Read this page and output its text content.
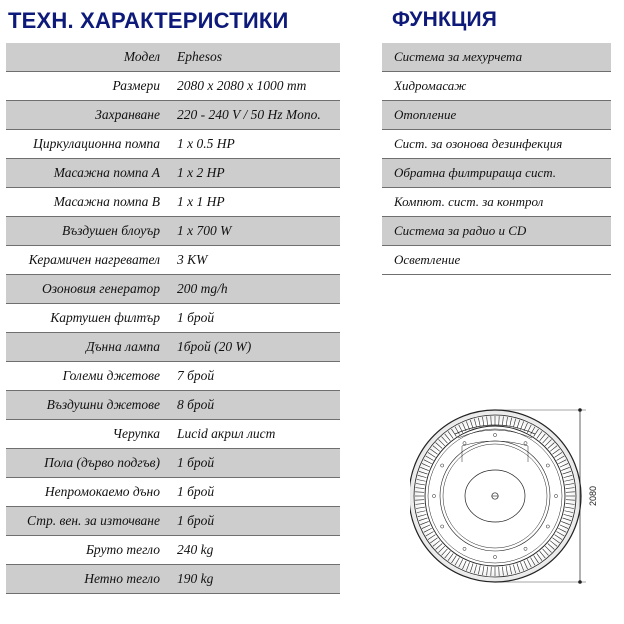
ТЕХН. ХАРАКТЕРИСТИКИ	ФУНКЦИЯ
Модел	Ephesos
Размери	2080 x 2080 x 1000 mm
Захранване	220 - 240 V / 50 Hz Mono.
Циркулационна помпа	1 x 0.5 HP
Масажна помпа А	1 x 2 HP
Масажна помпа В	1 x 1 HP
Въздушен блоуър	1 x 700 W
Керамичен нагревател	3 KW
Озоновия генератор	200 mg/h
Картушен филтър	1 брой
Дънна лампа	1брой (20 W)
Големи джетове	7 брой
Въздушни джетове	8 брой
Черупка	Lucid акрил лист
Пола (дърво подгъв)	1 брой
Непромокаемо дъно	1 брой
Стр. вен. за източване	1 брой
Бруто тегло	240 kg
Нетно тегло	190 kg
Система за мехурчета
Хидромасаж
Отопление
Сист. за озонова дезинфекция
Обратна филтрираща сист.
Компют. сист. за контрол
Система за радио и CD
Осветление
2080
